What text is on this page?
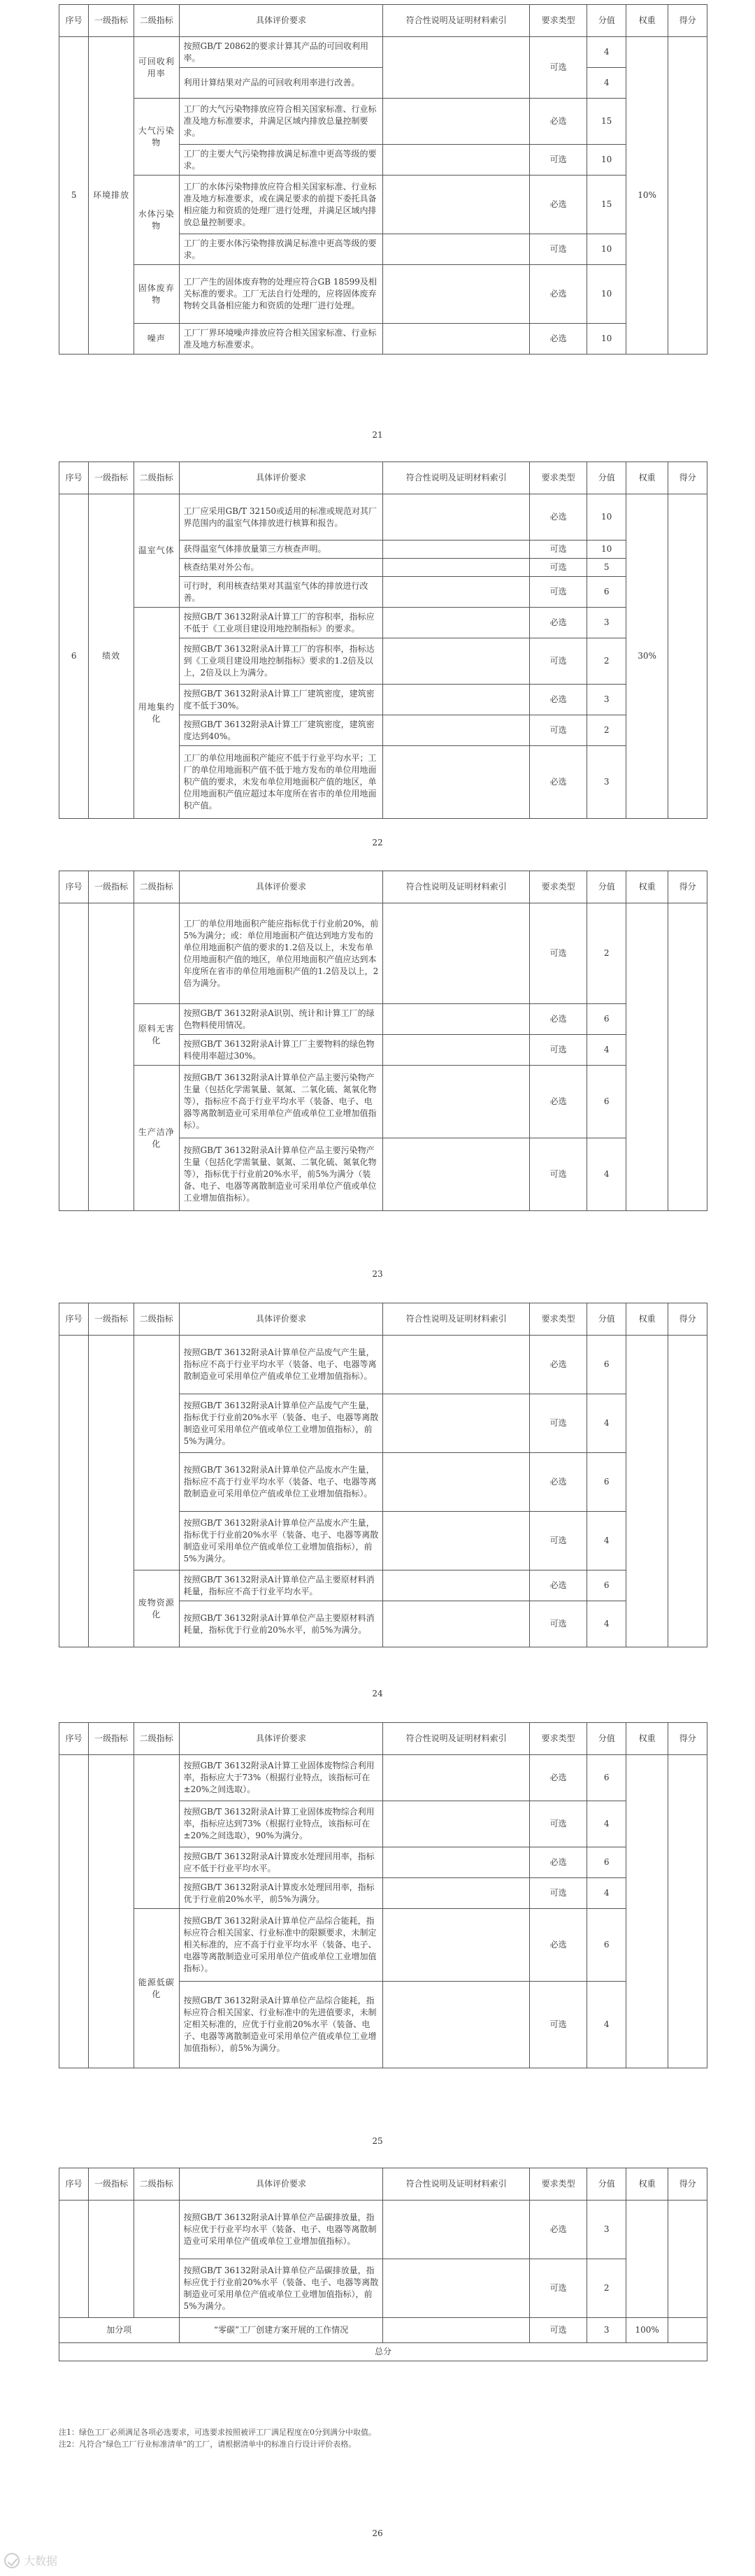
序号	一级指标	二级指标	具体评价要求	符合性说明及证明材料索引	要求类型	分值	权重	得分
5	环境排放	可回收利用率	按照GB/T 20862的要求计算其产品的可回收利用率。		可选	4	10%	
			利用计算结果对产品的可回收利用率进行改善。			4		
		大气污染物	工厂的大气污染物排放应符合相关国家标准、行业标准及地方标准要求，并满足区域内排放总量控制要求。		必选	15		
			工厂的主要大气污染物排放满足标准中更高等级的要求。		可选	10		
		水体污染物	工厂的水体污染物排放应符合相关国家标准、行业标准及地方标准要求，或在满足要求的前提下委托具备相应能力和资质的处理厂进行处理，并满足区域内排放总量控制要求。		必选	15		
			工厂的主要水体污染物排放满足标准中更高等级的要求。		可选	10		
		固体废弃物	工厂产生的固体废弃物的处理应符合GB 18599及相关标准的要求。工厂无法自行处理的，应将固体废弃物转交具备相应能力和资质的处理厂进行处理。		必选	10		
		噪声	工厂厂界环境噪声排放应符合相关国家标准、行业标准及地方标准要求。		必选	10		
21
序号	一级指标	二级指标	具体评价要求	符合性说明及证明材料索引	要求类型	分值	权重	得分
6	绩效	温室气体	工厂应采用GB/T 32150或适用的标准或规范对其厂界范围内的温室气体排放进行核算和报告。		必选	10	30%	
			获得温室气体排放量第三方核查声明。		可选	10		
			核查结果对外公布。		可选	5		
			可行时，利用核查结果对其温室气体的排放进行改善。		可选	6		
		用地集约化	按照GB/T 36132附录A计算工厂的容积率，指标应不低于《工业项目建设用地控制指标》的要求。		必选	3		
			按照GB/T 36132附录A计算工厂的容积率，指标达到《工业项目建设用地控制指标》要求的1.2倍及以上，2倍及以上为满分。		可选	2		
			按照GB/T 36132附录A计算工厂建筑密度，建筑密度不低于30%。		必选	3		
			按照GB/T 36132附录A计算工厂建筑密度，建筑密度达到40%。		可选	2		
			工厂的单位用地面积产能应不低于行业平均水平；工厂的单位用地面积产值不低于地方发布的单位用地面积产值的要求，未发布单位用地面积产值的地区，单位用地面积产值应超过本年度所在省市的单位用地面积产值。		必选	3		
22
序号	一级指标	二级指标	具体评价要求	符合性说明及证明材料索引	要求类型	分值	权重	得分
			工厂的单位用地面积产能应指标优于行业前20%，前5%为满分；或：单位用地面积产值达到地方发布的单位用地面积产值的要求的1.2倍及以上，未发布单位用地面积产值的地区，单位用地面积产值应达到本年度所在省市的单位用地面积产值的1.2倍及以上，2倍为满分。		可选	2		
		原料无害化	按照GB/T 36132附录A识别、统计和计算工厂的绿色物料使用情况。		必选	6		
			按照GB/T 36132附录A计算工厂主要物料的绿色物料使用率超过30%。		可选	4		
		生产洁净化	按照GB/T 36132附录A计算单位产品主要污染物产生量（包括化学需氧量、氨氮、二氧化硫、氮氧化物等），指标应不高于行业平均水平（装备、电子、电器等离散制造业可采用单位产值或单位工业增加值指标）。		必选	6		
			按照GB/T 36132附录A计算单位产品主要污染物产生量（包括化学需氧量、氨氮、二氧化硫、氮氧化物等），指标优于行业前20%水平，前5%为满分（装备、电子、电器等离散制造业可采用单位产值或单位工业增加值指标）。		可选	4		
23
序号	一级指标	二级指标	具体评价要求	符合性说明及证明材料索引	要求类型	分值	权重	得分
			按照GB/T 36132附录A计算单位产品废气产生量，指标应不高于行业平均水平（装备、电子、电器等离散制造业可采用单位产值或单位工业增加值指标）。		必选	6		
			按照GB/T 36132附录A计算单位产品废气产生量，指标优于行业前20%水平（装备、电子、电器等离散制造业可采用单位产值或单位工业增加值指标），前5%为满分。		可选	4		
			按照GB/T 36132附录A计算单位产品废水产生量，指标应不高于行业平均水平（装备、电子、电器等离散制造业可采用单位产值或单位工业增加值指标）。		必选	6		
			按照GB/T 36132附录A计算单位产品废水产生量，指标优于行业前20%水平（装备、电子、电器等离散制造业可采用单位产值或单位工业增加值指标），前5%为满分。		可选	4		
		废物资源化	按照GB/T 36132附录A计算单位产品主要原材料消耗量，指标应不高于行业平均水平。		必选	6		
			按照GB/T 36132附录A计算单位产品主要原材料消耗量，指标优于行业前20%水平，前5%为满分。		可选	4		
24
序号	一级指标	二级指标	具体评价要求	符合性说明及证明材料索引	要求类型	分值	权重	得分
			按照GB/T 36132附录A计算工业固体废物综合利用率，指标应大于73%（根据行业特点，该指标可在±20%之间选取）。		必选	6		
			按照GB/T 36132附录A计算工业固体废物综合利用率，指标应达到73%（根据行业特点，该指标可在±20%之间选取），90%为满分。		可选	4		
			按照GB/T 36132附录A计算废水处理回用率，指标应不低于行业平均水平。		必选	6		
			按照GB/T 36132附录A计算废水处理回用率，指标优于行业前20%水平，前5%为满分。		可选	4		
		能源低碳化	按照GB/T 36132附录A计算单位产品综合能耗，指标应符合相关国家、行业标准中的限额要求，未制定相关标准的，应不高于行业平均水平（装备、电子、电器等离散制造业可采用单位产值或单位工业增加值指标）。		必选	6		
			按照GB/T 36132附录A计算单位产品综合能耗，指标应符合相关国家、行业标准中的先进值要求，未制定相关标准的，应优于行业前20%水平（装备、电子、电器等离散制造业可采用单位产值或单位工业增加值指标），前5%为满分。		可选	4		
25
序号	一级指标	二级指标	具体评价要求	符合性说明及证明材料索引	要求类型	分值	权重	得分
			按照GB/T 36132附录A计算单位产品碳排放量，指标应优于行业平均水平（装备、电子、电器等离散制造业可采用单位产值或单位工业增加值指标）。		必选	3		
			按照GB/T 36132附录A计算单位产品碳排放量，指标应优于行业前20%水平（装备、电子、电器等离散制造业可采用单位产值或单位工业增加值指标），前5%为满分。		可选	2		
加分项			“零碳”工厂创建方案开展的工作情况		可选	3	100%	
总分								
26
注1：绿色工厂必须满足各项必选要求，可选要求按照被评工厂满足程度在0分到满分中取值。
注2：凡符合“绿色工厂行业标准清单”的工厂，请根据清单中的标准自行设计评价表格。
大数据
